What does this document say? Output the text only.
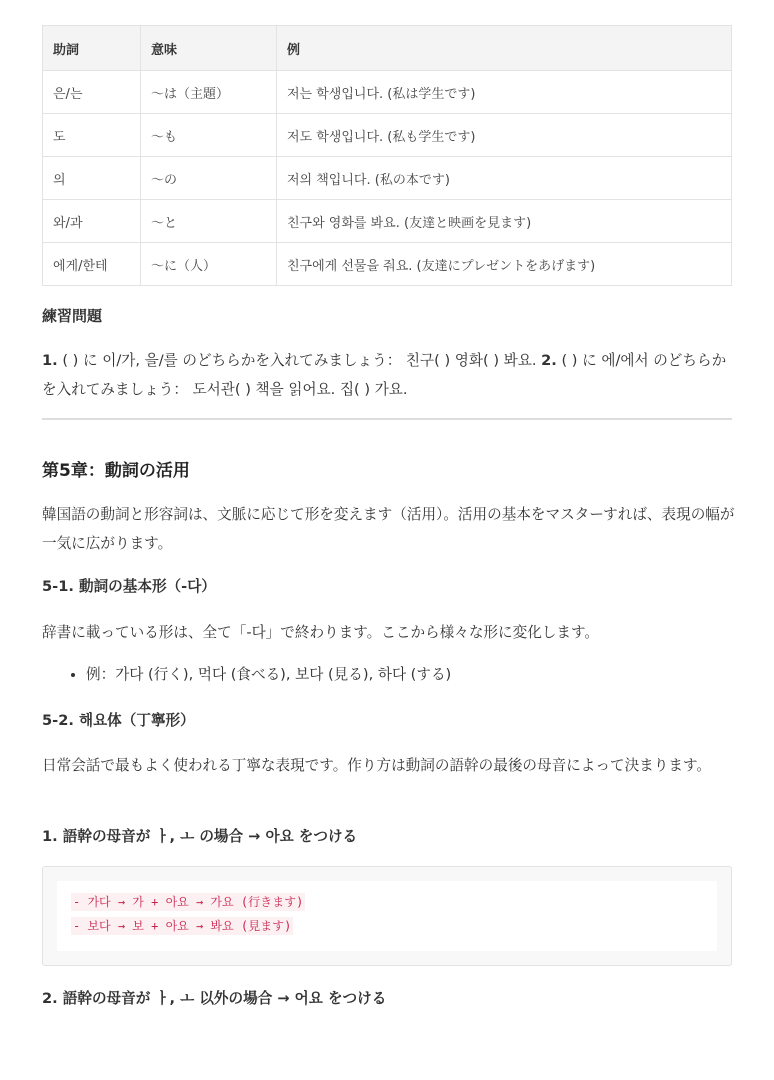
助詞	意味	例
은/는	〜は（主題）	저는 학생입니다. (私は学生です)
도	〜も	저도 학생입니다. (私も学生です)
의	〜の	저의 책입니다. (私の本です)
와/과	〜と	친구와 영화를 봐요. (友達と映画を見ます)
에게/한테	〜に（人）	친구에게 선물을 줘요. (友達にプレゼントをあげます)
練習問題
1. ( ) に 이/가, 을/를 のどちらかを入れてみましょう： 친구( ) 영화( ) 봐요. 2. ( ) に 에/에서 のどちらかを入れてみましょう： 도서관( ) 책을 읽어요. 집( ) 가요.
第5章：動詞の活用
韓国語の動詞と形容詞は、文脈に応じて形を変えます（活用）。活用の基本をマスターすれば、表現の幅が一気に広がります。
5-1. 動詞の基本形（-다）
辞書に載っている形は、全て「-다」で終わります。ここから様々な形に変化します。
• 例：가다 (行く), 먹다 (食べる), 보다 (見る), 하다 (する)
5-2. 해요体（丁寧形）
日常会話で最もよく使われる丁寧な表現です。作り方は動詞の語幹の最後の母音によって決まります。
1. 語幹の母音が ㅏ, ㅗ の場合 → 아요 をつける
- 가다 → 가 + 아요 → 가요 (行きます)
- 보다 → 보 + 아요 → 봐요 (見ます)
2. 語幹の母音が ㅏ, ㅗ 以外の場合 → 어요 をつける
